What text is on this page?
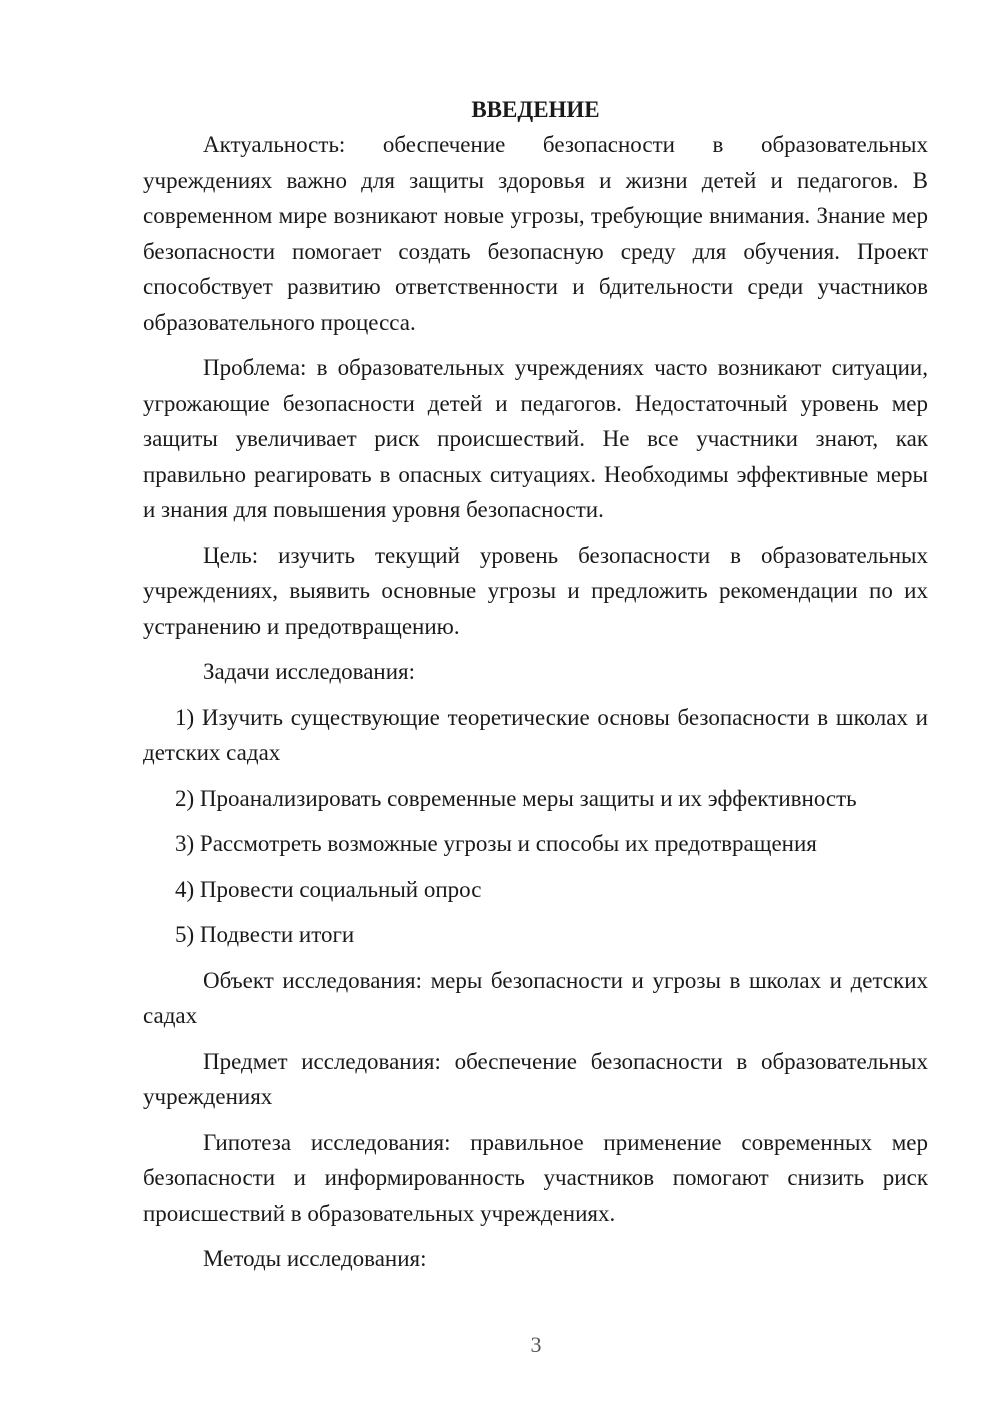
ВВЕДЕНИЕ

Актуальность: обеспечение безопасности в образовательных учреждениях важно для защиты здоровья и жизни детей и педагогов. В современном мире возникают новые угрозы, требующие внимания. Знание мер безопасности помогает создать безопасную среду для обучения. Проект способствует развитию ответственности и бдительности среди участников образовательного процесса.

Проблема: в образовательных учреждениях часто возникают ситуации, угрожающие безопасности детей и педагогов. Недостаточный уровень мер защиты увеличивает риск происшествий. Не все участники знают, как правильно реагировать в опасных ситуациях. Необходимы эффективные меры и знания для повышения уровня безопасности.

Цель: изучить текущий уровень безопасности в образовательных учреждениях, выявить основные угрозы и предложить рекомендации по их устранению и предотвращению.

Задачи исследования:

1) Изучить существующие теоретические основы безопасности в школах и детских садах

2) Проанализировать современные меры защиты и их эффективность

3) Рассмотреть возможные угрозы и способы их предотвращения

4) Провести социальный опрос

5) Подвести итоги

Объект исследования: меры безопасности и угрозы в школах и детских садах

Предмет исследования: обеспечение безопасности в образовательных учреждениях

Гипотеза исследования: правильное применение современных мер безопасности и информированность участников помогают снизить риск происшествий в образовательных учреждениях.

Методы исследования:

3
